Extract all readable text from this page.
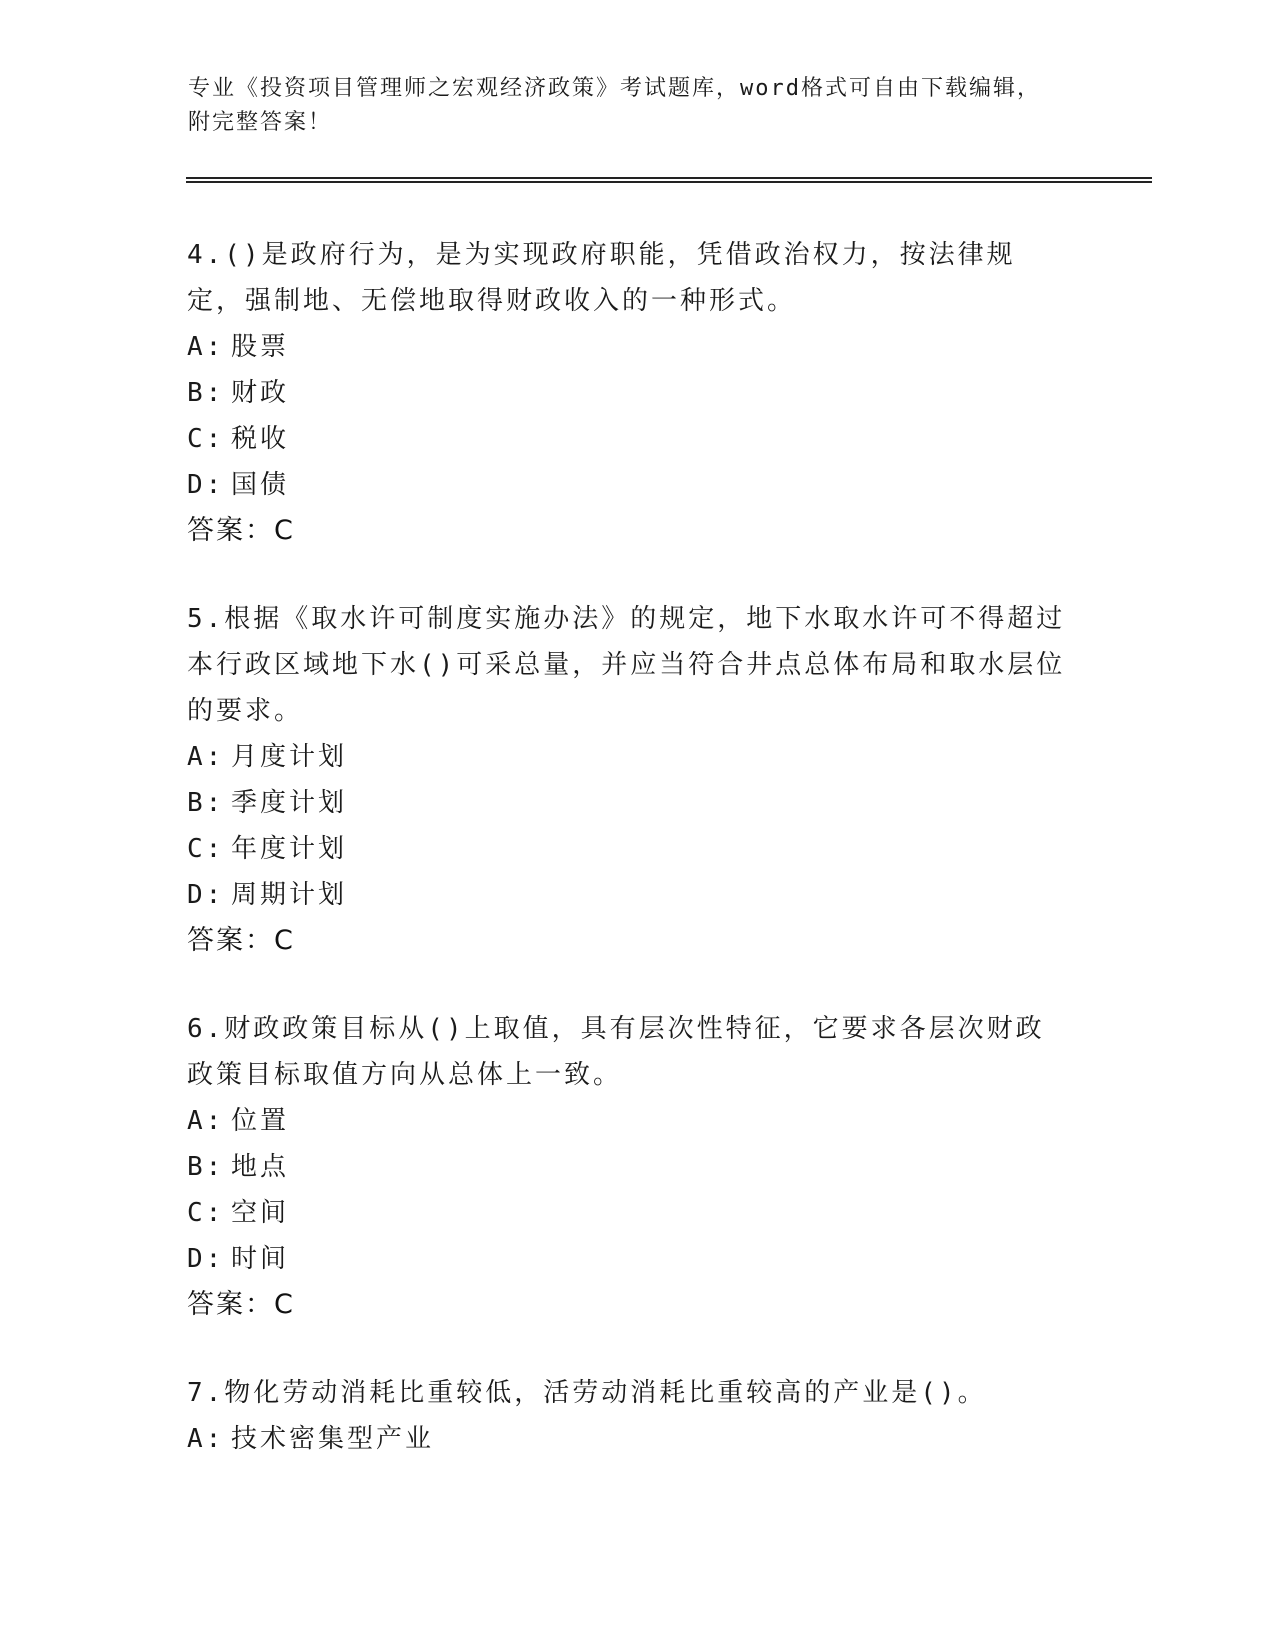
专业《投资项目管理师之宏观经济政策》考试题库，word格式可自由下载编辑，
附完整答案！

4.()是政府行为，是为实现政府职能，凭借政治权力，按法律规定，强制地、无偿地取得财政收入的一种形式。

A: 股票
B: 财政
C: 税收
D: 国债

答案：C

5.根据《取水许可制度实施办法》的规定，地下水取水许可不得超过本行政区域地下水()可采总量，并应当符合井点总体布局和取水层位的要求。

A: 月度计划
B: 季度计划
C: 年度计划
D: 周期计划

答案：C

6.财政政策目标从()上取值，具有层次性特征，它要求各层次财政政策目标取值方向从总体上一致。

A: 位置
B: 地点
C: 空间
D: 时间

答案：C

7.物化劳动消耗比重较低，活劳动消耗比重较高的产业是()。

A: 技术密集型产业
